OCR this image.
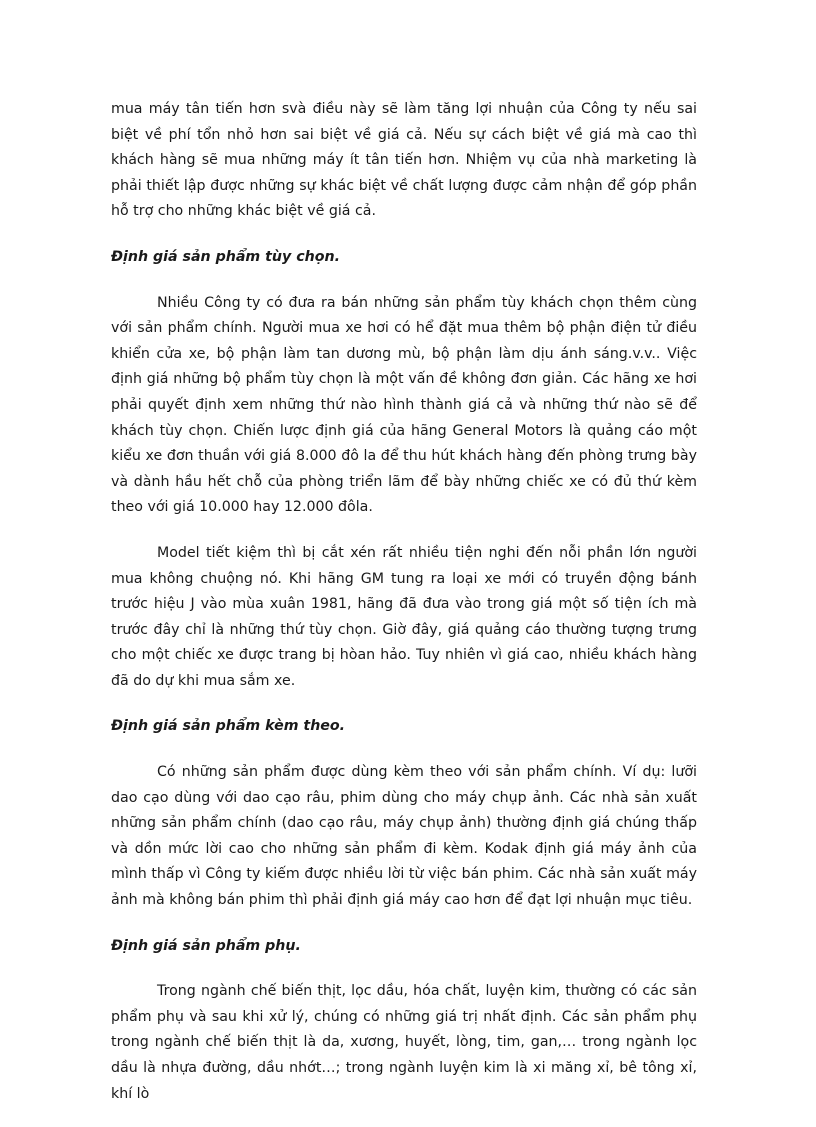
mua máy tân tiến hơn svà điều này sẽ làm tăng lợi nhuận của Công ty nếu sai biệt về phí tổn nhỏ hơn sai biệt về giá cả. Nếu sự cách biệt về giá mà cao thì khách hàng sẽ mua những máy ít tân tiến hơn. Nhiệm vụ của nhà marketing là phải thiết lập được những sự khác biệt về chất lượng được cảm nhận để góp phần hỗ trợ cho những khác biệt về giá cả.

Định giá sản phẩm tùy chọn.

Nhiều Công ty có đưa ra bán những sản phẩm tùy khách chọn thêm cùng với sản phẩm chính. Người mua xe hơi có hể đặt mua thêm bộ phận điện tử điều khiển cửa xe, bộ phận làm tan dương mù, bộ phận làm dịu ánh sáng.v.v.. Việc định giá những bộ phẩm tùy chọn là một vấn đề không đơn giản. Các hãng xe hơi phải quyết định xem những thứ nào hình thành giá cả và những thứ nào sẽ để khách tùy chọn. Chiến lược định giá của hãng General Motors là quảng cáo một kiểu xe đơn thuần với giá 8.000 đô la để thu hút khách hàng đến phòng trưng bày và dành hầu hết chỗ của phòng triển lãm để bày những chiếc xe có đủ thứ kèm theo với giá 10.000 hay 12.000 đôla.

Model tiết kiệm thì bị cắt xén rất nhiều tiện nghi đến nỗi phần lớn người mua không chuộng nó. Khi hãng GM tung ra loại xe mới có truyền động bánh trước hiệu J vào mùa xuân 1981, hãng đã đưa vào trong giá một số tiện ích mà trước đây chỉ là những thứ tùy chọn. Giờ đây, giá quảng cáo thường tượng trưng cho một chiếc xe được trang bị hòan hảo. Tuy nhiên vì giá cao, nhiều khách hàng đã do dự khi mua sắm xe.

Định giá sản phẩm kèm theo.

Có những sản phẩm được dùng kèm theo với sản phẩm chính. Ví dụ: lưỡi dao cạo dùng với dao cạo râu, phim dùng cho máy chụp ảnh. Các nhà sản xuất những sản phẩm chính (dao cạo râu, máy chụp ảnh) thường định giá chúng thấp và dồn mức lời cao cho những sản phẩm đi kèm. Kodak định giá máy ảnh của mình thấp vì Công ty kiếm được nhiều lời từ việc bán phim. Các nhà sản xuất máy ảnh mà không bán phim thì phải định giá máy cao hơn để đạt lợi nhuận mục tiêu.

Định giá sản phẩm phụ.

Trong ngành chế biến thịt, lọc dầu, hóa chất, luyện kim, thường có các sản phẩm phụ và sau khi xử lý, chúng có những giá trị nhất định. Các sản phẩm phụ trong ngành chế biến thịt là da, xương, huyết, lòng, tim, gan,… trong ngành lọc dầu là nhựa đường, dầu nhớt…; trong ngành luyện kim là xi măng xỉ, bê tông xỉ, khí lò
